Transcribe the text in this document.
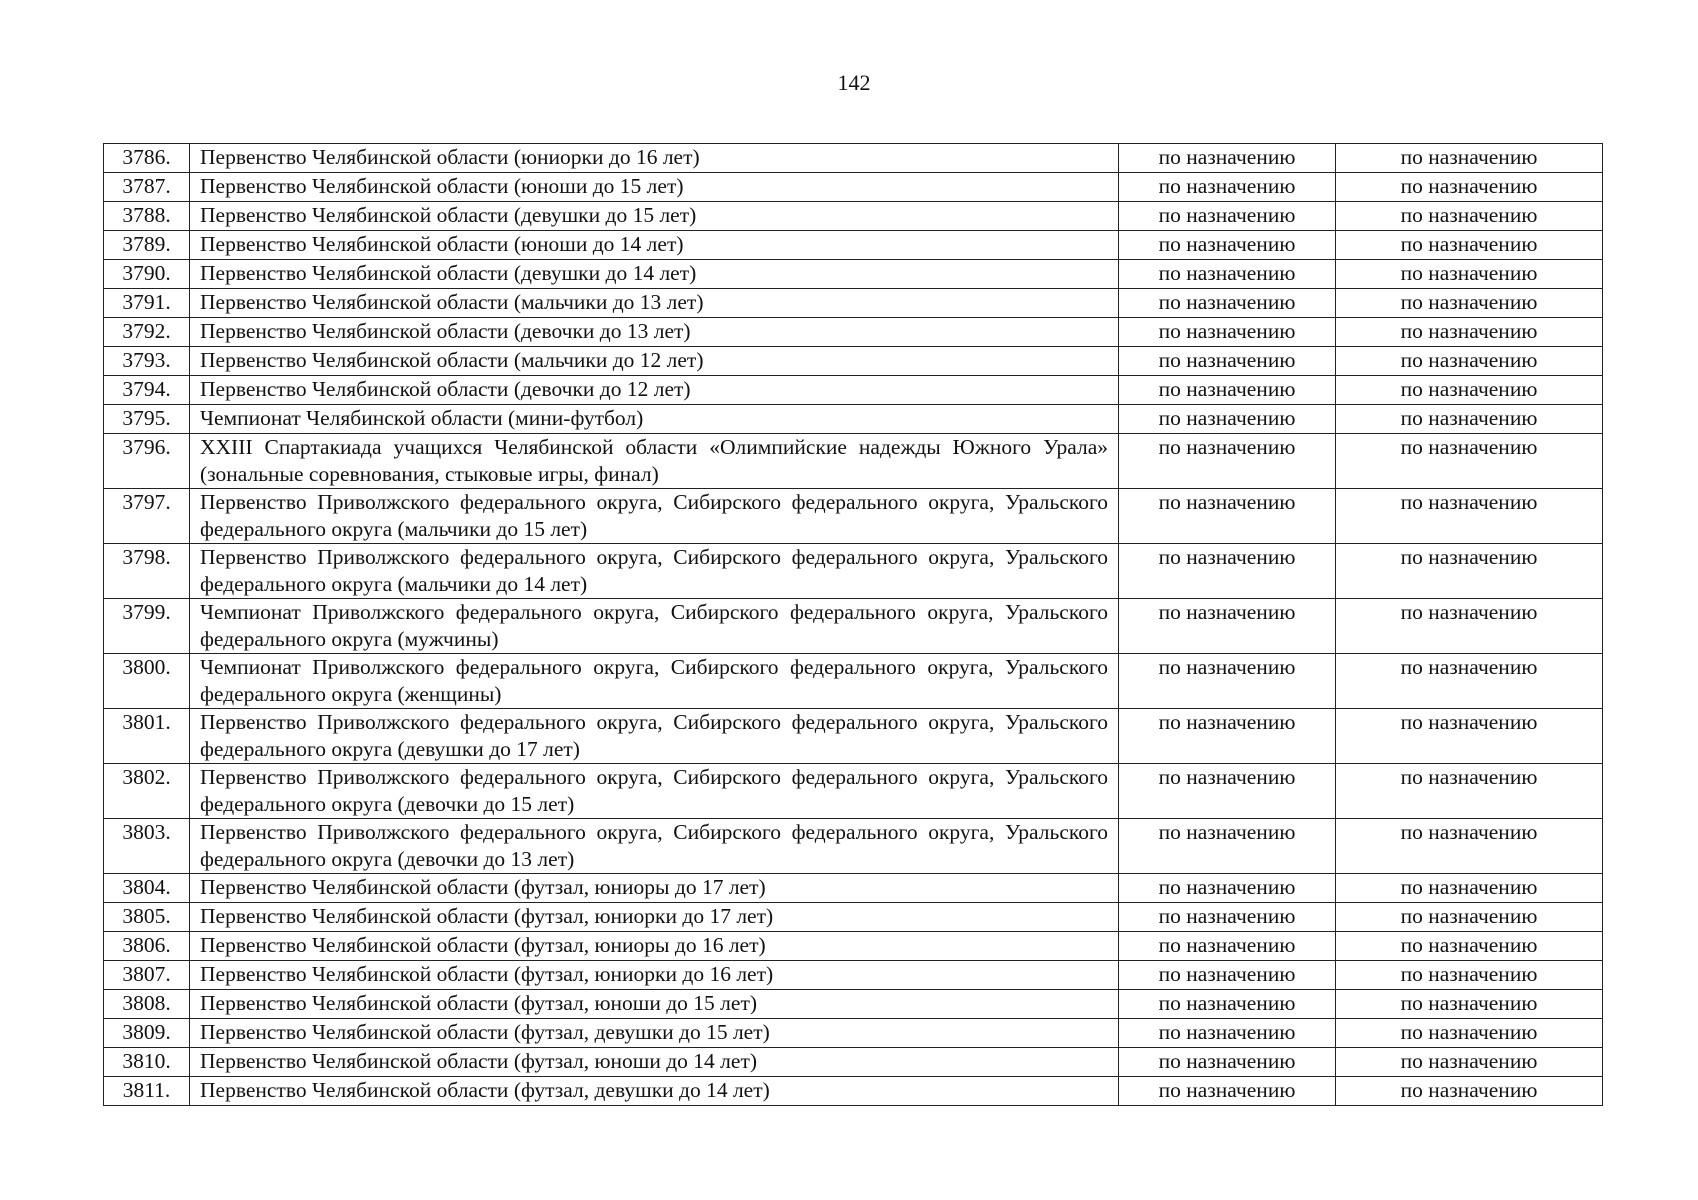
142
3786.	Первенство Челябинской области (юниорки до 16 лет)	по назначению	по назначению
3787.	Первенство Челябинской области (юноши до 15 лет)	по назначению	по назначению
3788.	Первенство Челябинской области (девушки до 15 лет)	по назначению	по назначению
3789.	Первенство Челябинской области (юноши до 14 лет)	по назначению	по назначению
3790.	Первенство Челябинской области (девушки до 14 лет)	по назначению	по назначению
3791.	Первенство Челябинской области (мальчики до 13 лет)	по назначению	по назначению
3792.	Первенство Челябинской области (девочки до 13 лет)	по назначению	по назначению
3793.	Первенство Челябинской области (мальчики до 12 лет)	по назначению	по назначению
3794.	Первенство Челябинской области (девочки до 12 лет)	по назначению	по назначению
3795.	Чемпионат Челябинской области (мини-футбол)	по назначению	по назначению
3796.	XXIII Спартакиада учащихся Челябинской области «Олимпийские надежды Южного Урала» (зональные соревнования, стыковые игры, финал)	по назначению	по назначению
3797.	Первенство Приволжского федерального округа, Сибирского федерального округа, Уральского федерального округа (мальчики до 15 лет)	по назначению	по назначению
3798.	Первенство Приволжского федерального округа, Сибирского федерального округа, Уральского федерального округа (мальчики до 14 лет)	по назначению	по назначению
3799.	Чемпионат Приволжского федерального округа, Сибирского федерального округа, Уральского федерального округа (мужчины)	по назначению	по назначению
3800.	Чемпионат Приволжского федерального округа, Сибирского федерального округа, Уральского федерального округа (женщины)	по назначению	по назначению
3801.	Первенство Приволжского федерального округа, Сибирского федерального округа, Уральского федерального округа (девушки до 17 лет)	по назначению	по назначению
3802.	Первенство Приволжского федерального округа, Сибирского федерального округа, Уральского федерального округа (девочки до 15 лет)	по назначению	по назначению
3803.	Первенство Приволжского федерального округа, Сибирского федерального округа, Уральского федерального округа (девочки до 13 лет)	по назначению	по назначению
3804.	Первенство Челябинской области (футзал, юниоры до 17 лет)	по назначению	по назначению
3805.	Первенство Челябинской области (футзал, юниорки до 17 лет)	по назначению	по назначению
3806.	Первенство Челябинской области (футзал, юниоры до 16 лет)	по назначению	по назначению
3807.	Первенство Челябинской области (футзал, юниорки до 16 лет)	по назначению	по назначению
3808.	Первенство Челябинской области (футзал, юноши до 15 лет)	по назначению	по назначению
3809.	Первенство Челябинской области (футзал, девушки до 15 лет)	по назначению	по назначению
3810.	Первенство Челябинской области (футзал, юноши до 14 лет)	по назначению	по назначению
3811.	Первенство Челябинской области (футзал, девушки до 14 лет)	по назначению	по назначению
